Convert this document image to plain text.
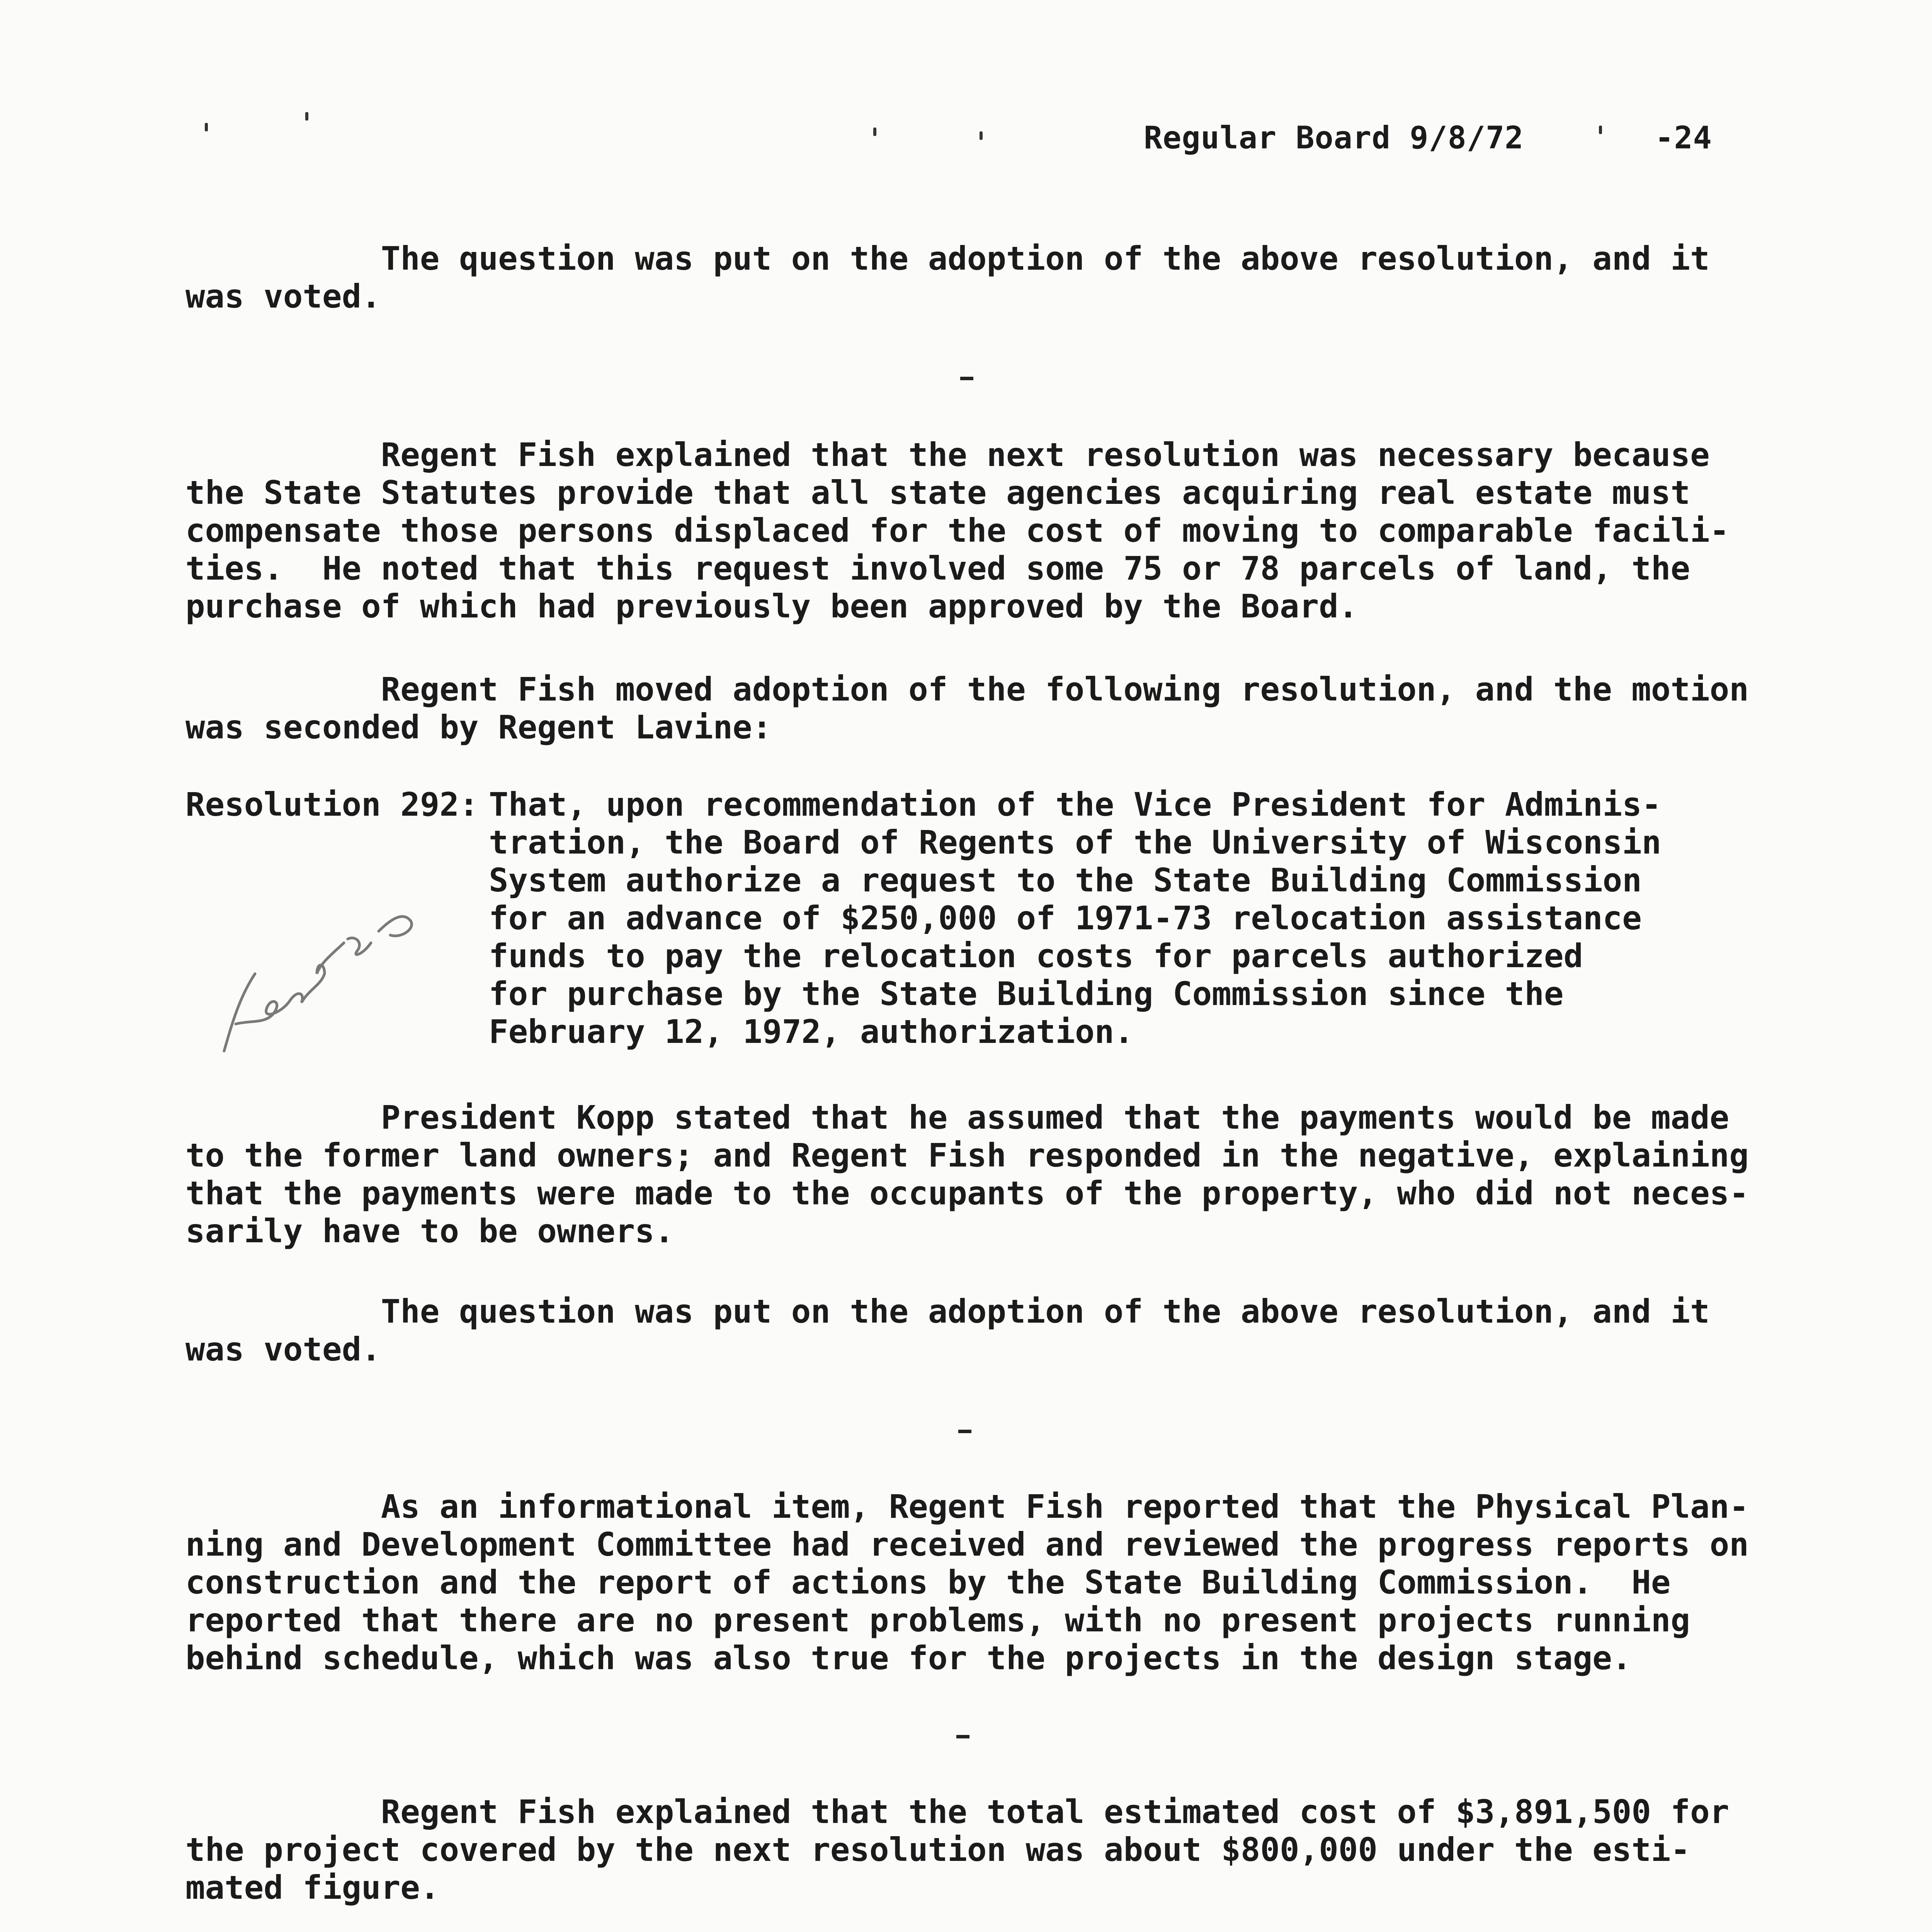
Regular Board 9/8/72	-24

The question was put on the adoption of the above resolution, and it
was voted.

Regent Fish explained that the next resolution was necessary because
the State Statutes provide that all state agencies acquiring real estate must
compensate those persons displaced for the cost of moving to comparable facili-
ties.  He noted that this request involved some 75 or 78 parcels of land, the
purchase of which had previously been approved by the Board.

Regent Fish moved adoption of the following resolution, and the motion
was seconded by Regent Lavine:

Resolution 292: That, upon recommendation of the Vice President for Adminis-
tration, the Board of Regents of the University of Wisconsin
System authorize a request to the State Building Commission
for an advance of $250,000 of 1971-73 relocation assistance
funds to pay the relocation costs for parcels authorized
for purchase by the State Building Commission since the
February 12, 1972, authorization.

President Kopp stated that he assumed that the payments would be made
to the former land owners; and Regent Fish responded in the negative, explaining
that the payments were made to the occupants of the property, who did not neces-
sarily have to be owners.

The question was put on the adoption of the above resolution, and it
was voted.

As an informational item, Regent Fish reported that the Physical Plan-
ning and Development Committee had received and reviewed the progress reports on
construction and the report of actions by the State Building Commission.  He
reported that there are no present problems, with no present projects running
behind schedule, which was also true for the projects in the design stage.

Regent Fish explained that the total estimated cost of $3,891,500 for
the project covered by the next resolution was about $800,000 under the esti-
mated figure.
